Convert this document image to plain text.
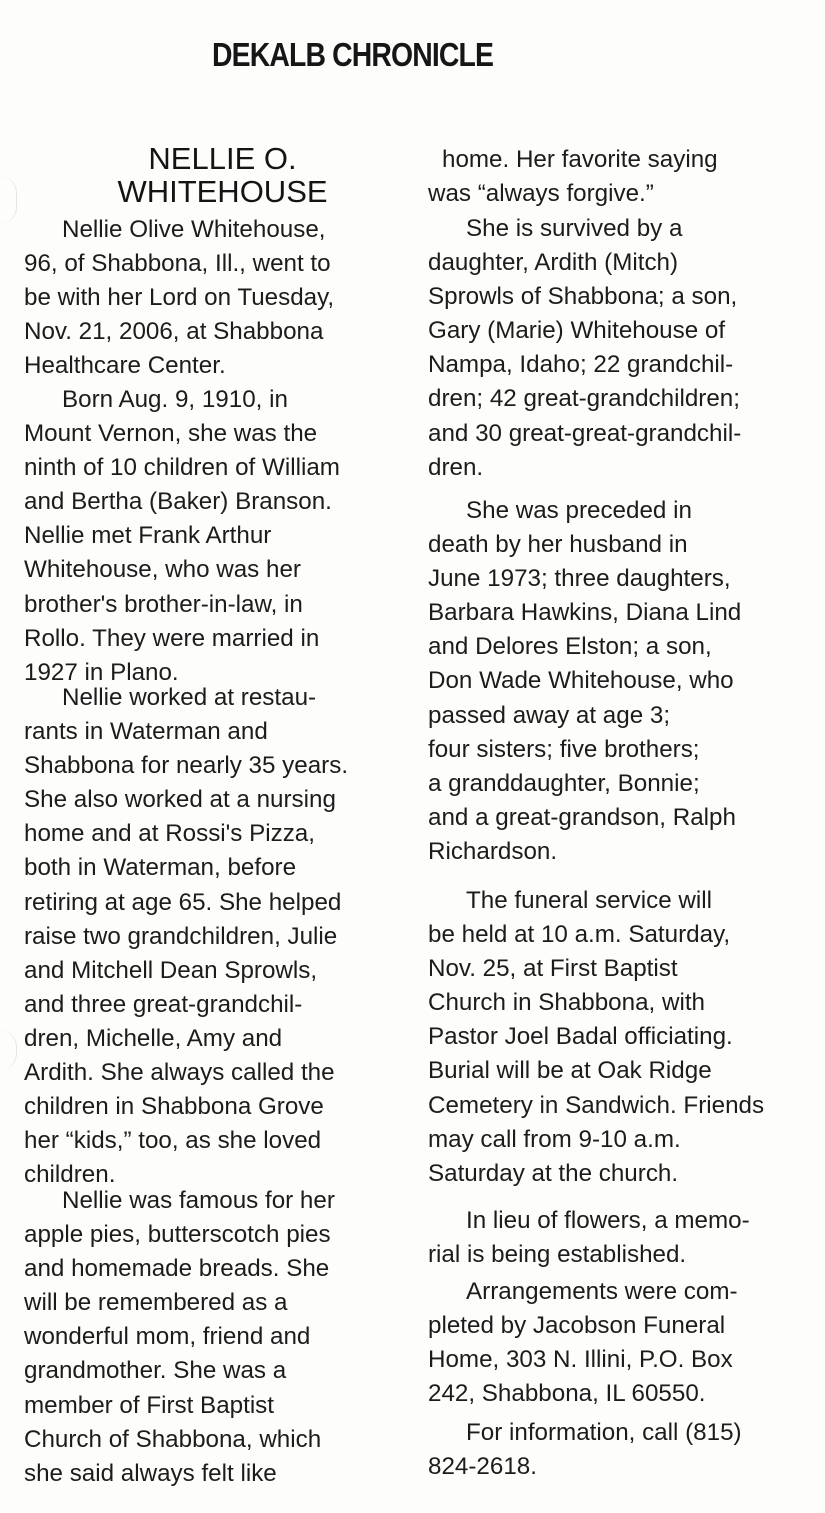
DEKALB CHRONICLE
NELLIE O.
WHITEHOUSE
Nellie Olive Whitehouse,
96, of Shabbona, Ill., went to
be with her Lord on Tuesday,
Nov. 21, 2006, at Shabbona
Healthcare Center.
Born Aug. 9, 1910, in
Mount Vernon, she was the
ninth of 10 children of William
and Bertha (Baker) Branson.
Nellie met Frank Arthur
Whitehouse, who was her
brother's brother-in-law, in
Rollo. They were married in
1927 in Plano.
Nellie worked at restau-
rants in Waterman and
Shabbona for nearly 35 years.
She also worked at a nursing
home and at Rossi's Pizza,
both in Waterman, before
retiring at age 65. She helped
raise two grandchildren, Julie
and Mitchell Dean Sprowls,
and three great-grandchil-
dren, Michelle, Amy and
Ardith. She always called the
children in Shabbona Grove
her “kids,” too, as she loved
children.
Nellie was famous for her
apple pies, butterscotch pies
and homemade breads. She
will be remembered as a
wonderful mom, friend and
grandmother. She was a
member of First Baptist
Church of Shabbona, which
she said always felt like
home. Her favorite saying
was “always forgive.”
She is survived by a
daughter, Ardith (Mitch)
Sprowls of Shabbona; a son,
Gary (Marie) Whitehouse of
Nampa, Idaho; 22 grandchil-
dren; 42 great-grandchildren;
and 30 great-great-grandchil-
dren.
She was preceded in
death by her husband in
June 1973; three daughters,
Barbara Hawkins, Diana Lind
and Delores Elston; a son,
Don Wade Whitehouse, who
passed away at age 3;
four sisters; five brothers;
a granddaughter, Bonnie;
and a great-grandson, Ralph
Richardson.
The funeral service will
be held at 10 a.m. Saturday,
Nov. 25, at First Baptist
Church in Shabbona, with
Pastor Joel Badal officiating.
Burial will be at Oak Ridge
Cemetery in Sandwich. Friends
may call from 9-10 a.m.
Saturday at the church.
In lieu of flowers, a memo-
rial is being established.
Arrangements were com-
pleted by Jacobson Funeral
Home, 303 N. Illini, P.O. Box
242, Shabbona, IL 60550.
For information, call (815)
824-2618.
